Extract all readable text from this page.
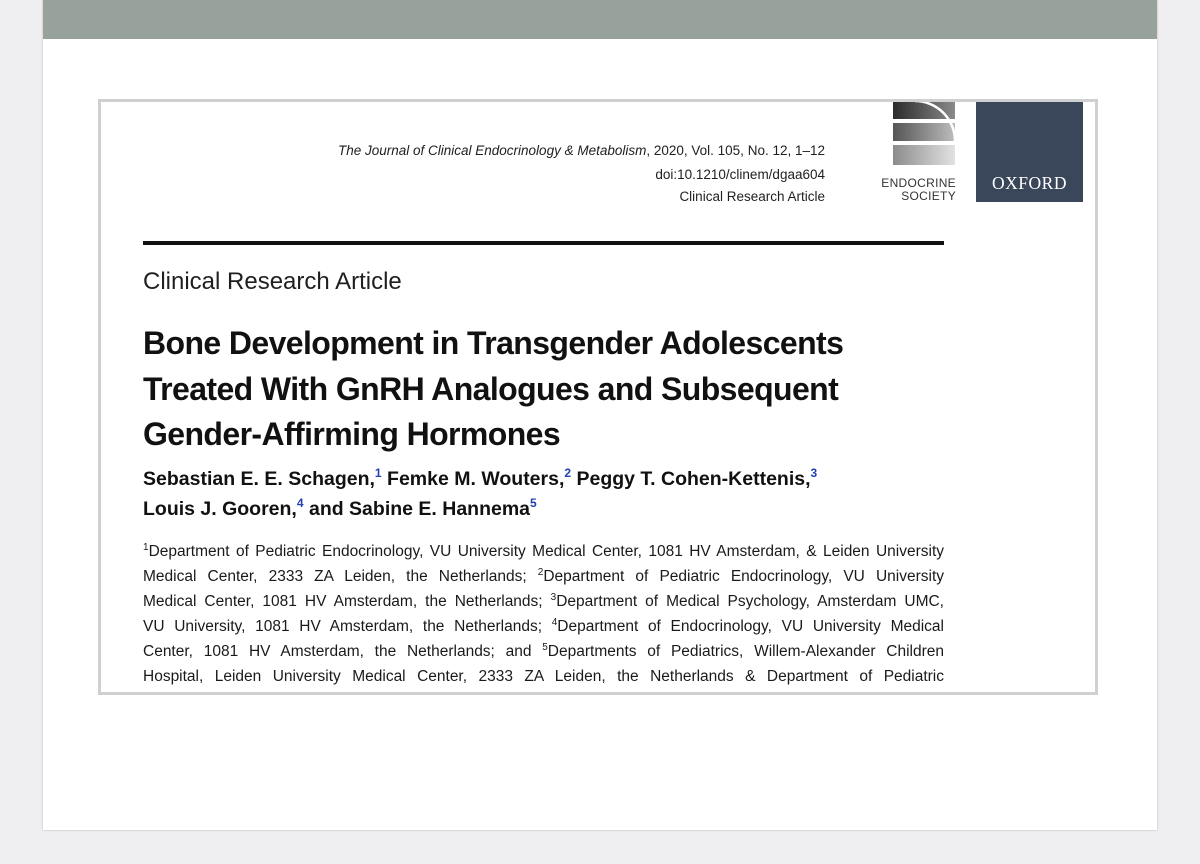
The Journal of Clinical Endocrinology & Metabolism, 2020, Vol. 105, No. 12, 1–12
doi:10.1210/clinem/dgaa604
Clinical Research Article
ENDOCRINE
SOCIETY
OXFORD
Clinical Research Article
Bone Development in Transgender Adolescents
Treated With GnRH Analogues and Subsequent
Gender-Affirming Hormones
Sebastian E. E. Schagen,$^1$ Femke M. Wouters,$^2$ Peggy T. Cohen-Kettenis,$^3$
Louis J. Gooren,$^4$ and Sabine E. Hannema$^5$
$^1$Department of Pediatric Endocrinology, VU University Medical Center, 1081 HV Amsterdam, & Leiden University
Medical Center, 2333 ZA Leiden, the Netherlands; $^2$Department of Pediatric Endocrinology, VU University
Medical Center, 1081 HV Amsterdam, the Netherlands; $^3$Department of Medical Psychology, Amsterdam UMC,
VU University, 1081 HV Amsterdam, the Netherlands; $^4$Department of Endocrinology, VU University Medical
Center, 1081 HV Amsterdam, the Netherlands; and $^5$Departments of Pediatrics, Willem-Alexander Children
Hospital, Leiden University Medical Center, 2333 ZA Leiden, the Netherlands & Department of Pediatric
